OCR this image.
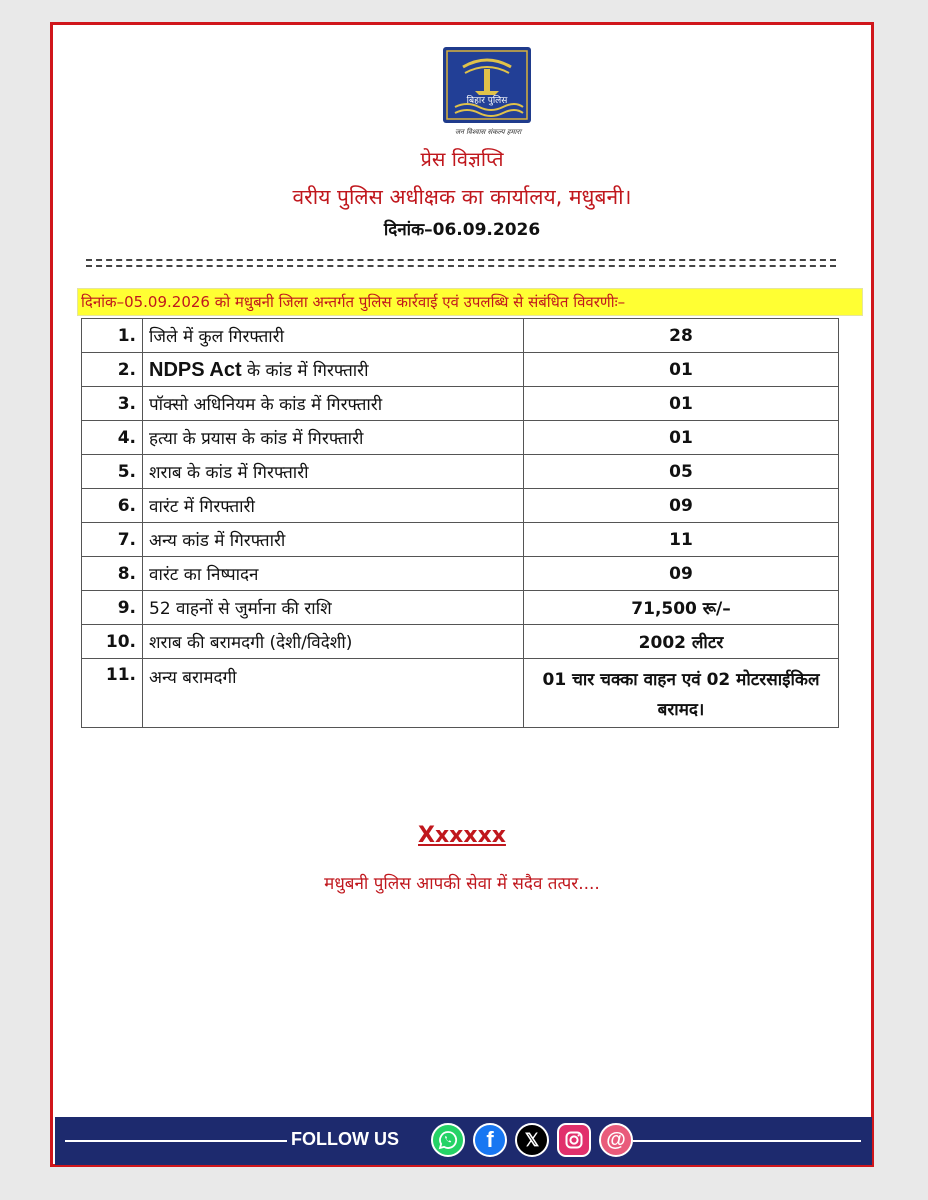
बिहार पुलिस
जन विश्वास संकल्प हमारा
प्रेस विज्ञप्ति
वरीय पुलिस अधीक्षक का कार्यालय, मधुबनी।
दिनांक–06.09.2026
दिनांक–05.09.2026 को मधुबनी जिला अन्तर्गत पुलिस कार्रवाई एवं उपलब्धि से संबंधित विवरणीः–
1.	जिले में कुल गिरफ्तारी	28
2.	NDPS Act के कांड में गिरफ्तारी	01
3.	पॉक्सो अधिनियम के कांड में गिरफ्तारी	01
4.	हत्या के प्रयास के कांड में गिरफ्तारी	01
5.	शराब के कांड में गिरफ्तारी	05
6.	वारंट में गिरफ्तारी	09
7.	अन्य कांड में गिरफ्तारी	11
8.	वारंट का निष्पादन	09
9.	52 वाहनों से जुर्माना की राशि	71,500 रू/–
10.	शराब की बरामदगी (देशी/विदेशी)	2002 लीटर
11.	अन्य बरामदगी	01 चार चक्का वाहन एवं 02 मोटरसाईकिल बरामद।
Xxxxxx
मधुबनी पुलिस आपकी सेवा में सदैव तत्पर....
FOLLOW US	f	𝕏	@
